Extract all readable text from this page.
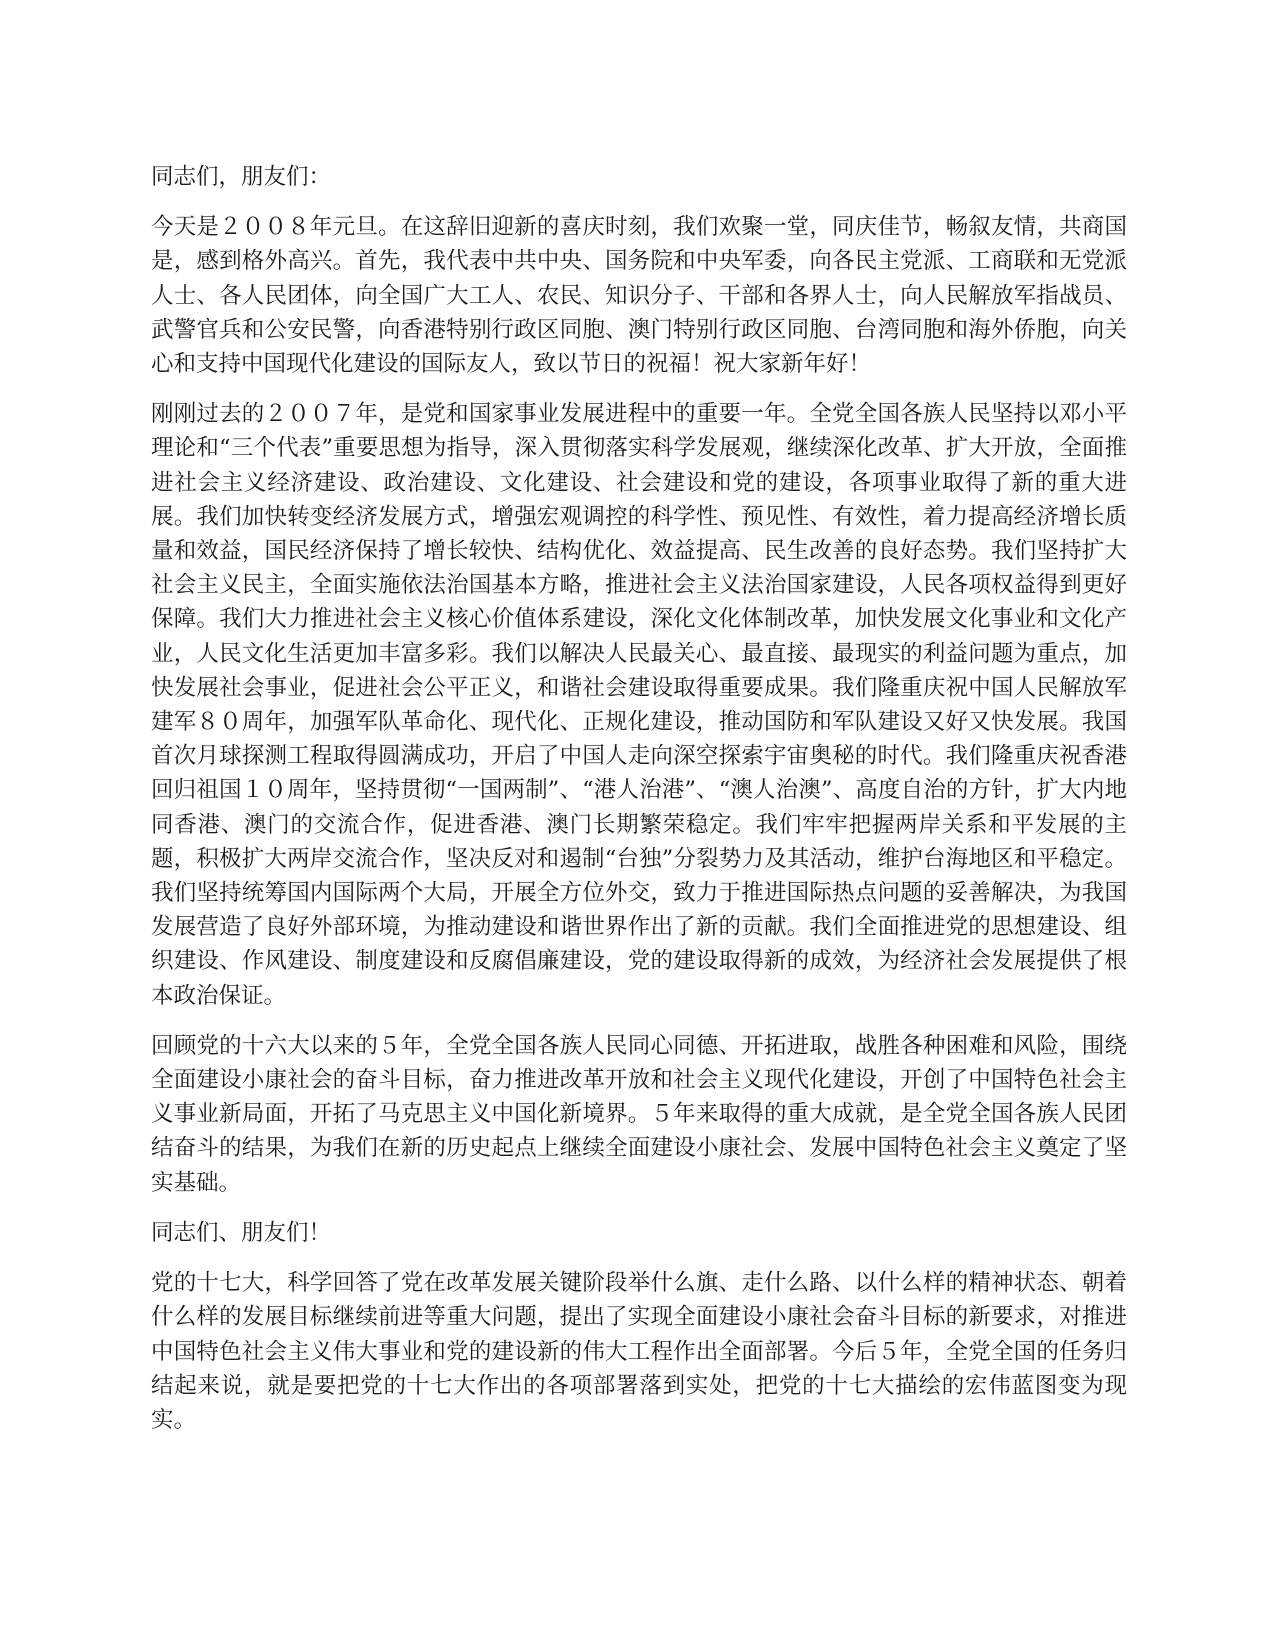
同志们，朋友们：

今天是２００８年元旦。在这辞旧迎新的喜庆时刻，我们欢聚一堂，同庆佳节，畅叙友情，共商国是，感到格外高兴。首先，我代表中共中央、国务院和中央军委，向各民主党派、工商联和无党派人士、各人民团体，向全国广大工人、农民、知识分子、干部和各界人士，向人民解放军指战员、武警官兵和公安民警，向香港特别行政区同胞、澳门特别行政区同胞、台湾同胞和海外侨胞，向关心和支持中国现代化建设的国际友人，致以节日的祝福！祝大家新年好！

刚刚过去的２００７年，是党和国家事业发展进程中的重要一年。全党全国各族人民坚持以邓小平理论和“三个代表”重要思想为指导，深入贯彻落实科学发展观，继续深化改革、扩大开放，全面推进社会主义经济建设、政治建设、文化建设、社会建设和党的建设，各项事业取得了新的重大进展。我们加快转变经济发展方式，增强宏观调控的科学性、预见性、有效性，着力提高经济增长质量和效益，国民经济保持了增长较快、结构优化、效益提高、民生改善的良好态势。我们坚持扩大社会主义民主，全面实施依法治国基本方略，推进社会主义法治国家建设，人民各项权益得到更好保障。我们大力推进社会主义核心价值体系建设，深化文化体制改革，加快发展文化事业和文化产业，人民文化生活更加丰富多彩。我们以解决人民最关心、最直接、最现实的利益问题为重点，加快发展社会事业，促进社会公平正义，和谐社会建设取得重要成果。我们隆重庆祝中国人民解放军建军８０周年，加强军队革命化、现代化、正规化建设，推动国防和军队建设又好又快发展。我国首次月球探测工程取得圆满成功，开启了中国人走向深空探索宇宙奥秘的时代。我们隆重庆祝香港回归祖国１０周年，坚持贯彻“一国两制”、“港人治港”、“澳人治澳”、高度自治的方针，扩大内地同香港、澳门的交流合作，促进香港、澳门长期繁荣稳定。我们牢牢把握两岸关系和平发展的主题，积极扩大两岸交流合作，坚决反对和遏制“台独”分裂势力及其活动，维护台海地区和平稳定。我们坚持统筹国内国际两个大局，开展全方位外交，致力于推进国际热点问题的妥善解决，为我国发展营造了良好外部环境，为推动建设和谐世界作出了新的贡献。我们全面推进党的思想建设、组织建设、作风建设、制度建设和反腐倡廉建设，党的建设取得新的成效，为经济社会发展提供了根本政治保证。

回顾党的十六大以来的５年，全党全国各族人民同心同德、开拓进取，战胜各种困难和风险，围绕全面建设小康社会的奋斗目标，奋力推进改革开放和社会主义现代化建设，开创了中国特色社会主义事业新局面，开拓了马克思主义中国化新境界。５年来取得的重大成就，是全党全国各族人民团结奋斗的结果，为我们在新的历史起点上继续全面建设小康社会、发展中国特色社会主义奠定了坚实基础。

同志们、朋友们！

党的十七大，科学回答了党在改革发展关键阶段举什么旗、走什么路、以什么样的精神状态、朝着什么样的发展目标继续前进等重大问题，提出了实现全面建设小康社会奋斗目标的新要求，对推进中国特色社会主义伟大事业和党的建设新的伟大工程作出全面部署。今后５年，全党全国的任务归结起来说，就是要把党的十七大作出的各项部署落到实处，把党的十七大描绘的宏伟蓝图变为现实。
